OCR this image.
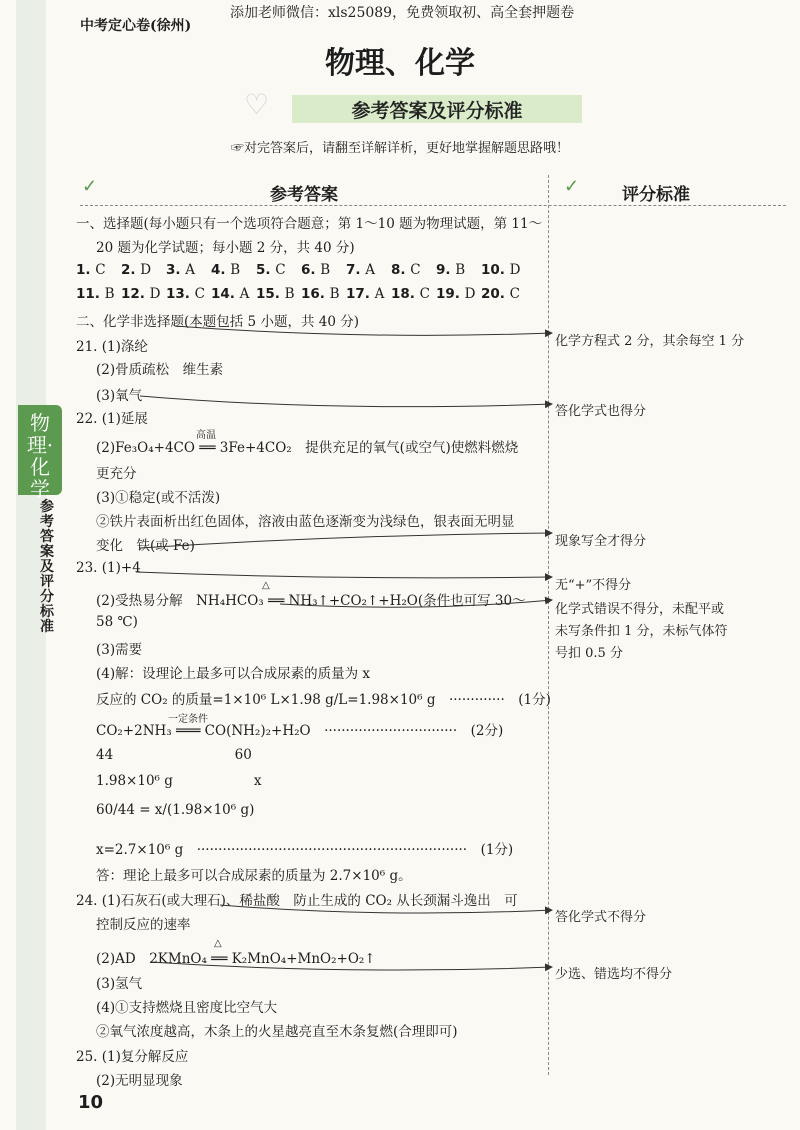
物理·化学
参考答案及评分标准
添加老师微信：xls25089，免费领取初、高全套押题卷
中考定心卷(徐州)
物理、化学
♡	参考答案及评分标准
☞对完答案后，请翻至详解详析，更好地掌握解题思路哦！
✓	✓
参考答案	评分标准
一、选择题(每小题只有一个选项符合题意；第 1～10 题为物理试题，第 11～
20 题为化学试题；每小题 2 分，共 40 分)
1. C 2. D 3. A 4. B 5. C 6. B 7. A 8. C 9. B 10. D
11. B 12. D 13. C 14. A 15. B 16. B 17. A 18. C 19. D 20. C
二、化学非选择题(本题包括 5 小题，共 40 分)
21. (1)涤纶
(2)骨质疏松　维生素
(3)氧气
22. (1)延展
(2)Fe₃O₄+4CO ══ 3Fe+4CO₂　提供充足的氧气(或空气)使燃料燃烧
更充分
(3)①稳定(或不活泼)
②铁片表面析出红色固体，溶液由蓝色逐渐变为浅绿色，银表面无明显
变化　铁(或 Fe)
23. (1)+4
(2)受热易分解　NH₄HCO₃ ══ NH₃↑+CO₂↑+H₂O(条件也可写 30～
58 ℃)
(3)需要
(4)解：设理论上最多可以合成尿素的质量为 x
反应的 CO₂ 的质量=1×10⁶ L×1.98 g/L=1.98×10⁶ g　·············　(1分)
CO₂+2NH₃ ═══ CO(NH₂)₂+H₂O　·······························　(2分)
44　　　　　　　　　60
1.98×10⁶ g　　　　　　x
60/44 = x/(1.98×10⁶ g)
x=2.7×10⁶ g　·······························································　(1分)
答：理论上最多可以合成尿素的质量为 2.7×10⁶ g。
24. (1)石灰石(或大理石)、稀盐酸　防止生成的 CO₂ 从长颈漏斗逸出　可
控制反应的速率
(2)AD　2KMnO₄ ══ K₂MnO₄+MnO₂+O₂↑
(3)氢气
(4)①支持燃烧且密度比空气大
②氧气浓度越高，木条上的火星越亮直至木条复燃(合理即可)
25. (1)复分解反应
(2)无明显现象
化学方程式 2 分，其余每空 1 分
答化学式也得分
现象写全才得分
无“+”不得分
化学式错误不得分，未配平或
未写条件扣 1 分，未标气体符
号扣 0.5 分
答化学式不得分
少选、错选均不得分
10
高温
△
一定条件
△
